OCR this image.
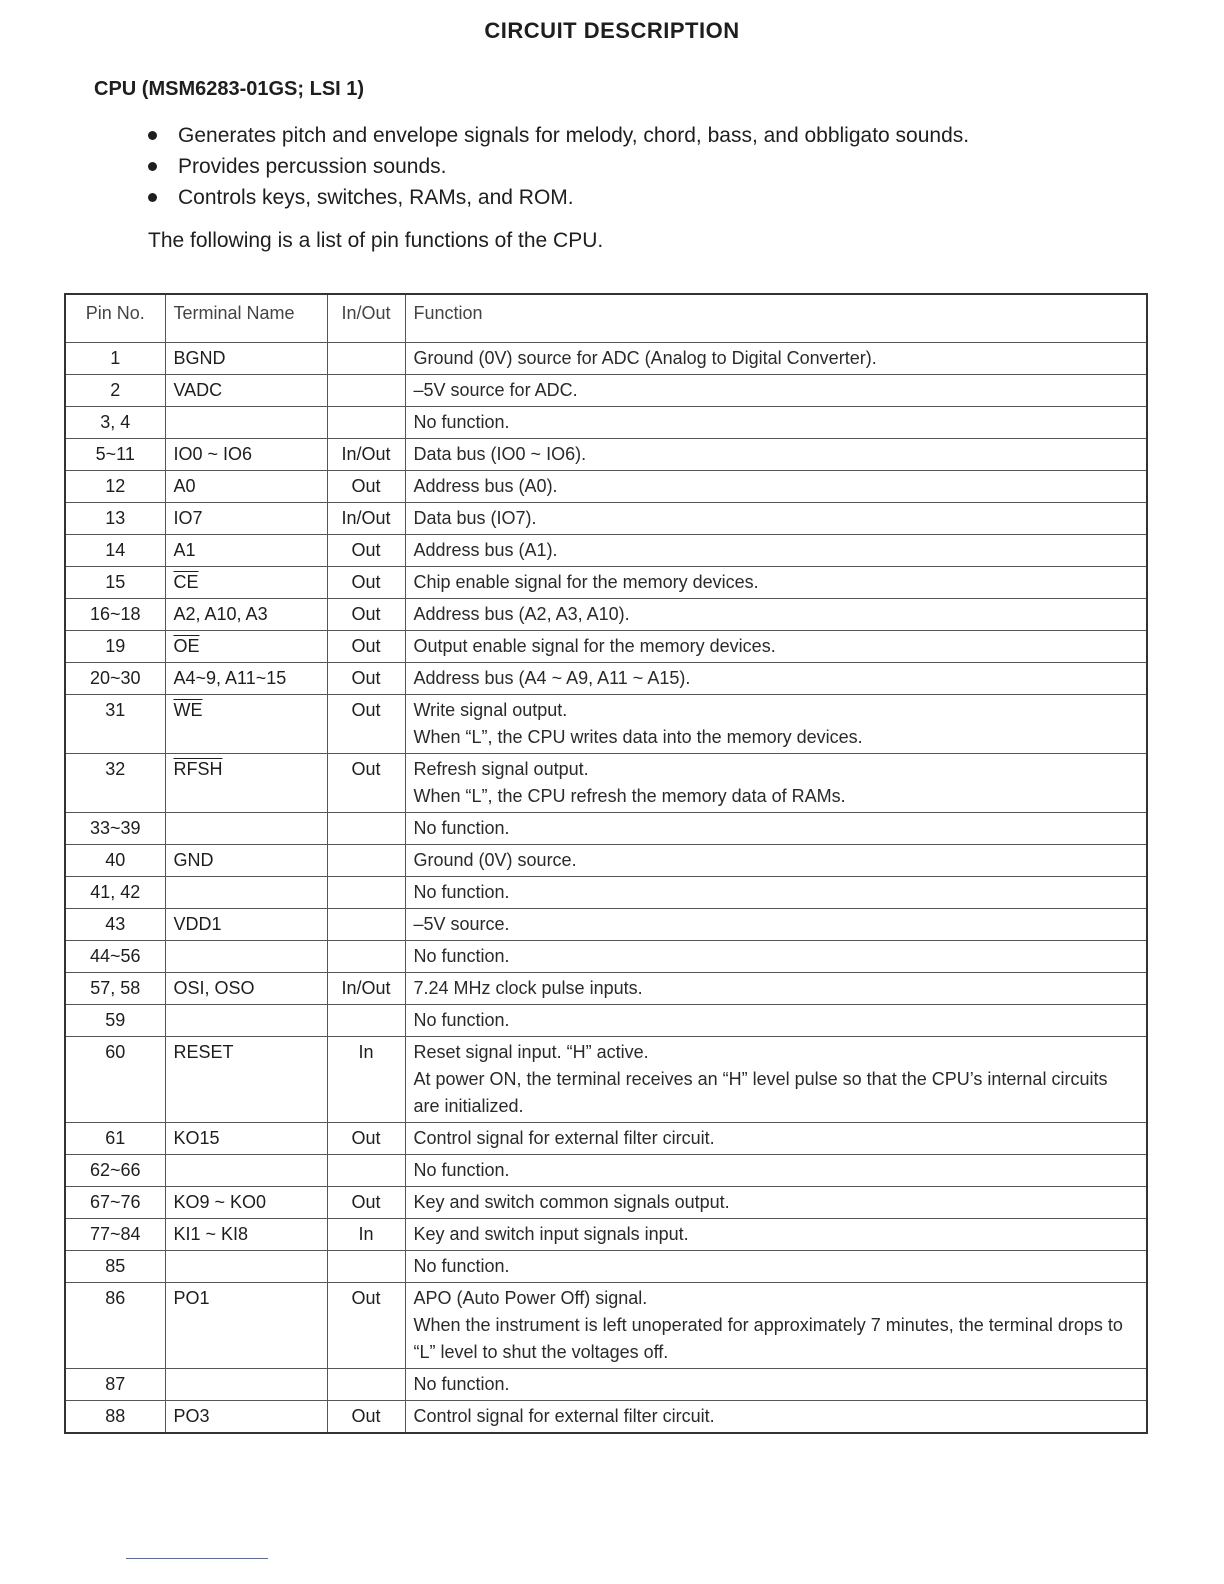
CIRCUIT DESCRIPTION
CPU (MSM6283-01GS; LSI 1)
Generates pitch and envelope signals for melody, chord, bass, and obbligato sounds.
Provides percussion sounds.
Controls keys, switches, RAMs, and ROM.
The following is a list of pin functions of the CPU.
Pin No.	Terminal Name	In/Out	Function
1	BGND		Ground (0V) source for ADC (Analog to Digital Converter).

2	VADC		–5V source for ADC.

3, 4			No function.

5~11	IO0 ~ IO6	In/Out	Data bus (IO0 ~ IO6).

12	A0	Out	Address bus (A0).

13	IO7	In/Out	Data bus (IO7).

14	A1	Out	Address bus (A1).

15	$\overline{CE}$	Out	Chip enable signal for the memory devices.

16~18	A2, A10, A3	Out	Address bus (A2, A3, A10).

19	$\overline{OE}$	Out	Output enable signal for the memory devices.

20~30	A4~9, A11~15	Out	Address bus (A4 ~ A9, A11 ~ A15).

31	$\overline{WE}$	Out	Write signal output.
When “L”, the CPU writes data into the memory devices.

32	RFSH	Out	Refresh signal output.
When “L”, the CPU refresh the memory data of RAMs.

33~39			No function.

40	GND		Ground (0V) source.

41, 42			No function.

43	VDD1		–5V source.

44~56			No function.

57, 58	OSI, OSO	In/Out	7.24 MHz clock pulse inputs.

59			No function.

60	RESET	In	Reset signal input. “H” active.
At power ON, the terminal receives an “H” level pulse so that the CPU’s internal circuits are initialized.

61	KO15	Out	Control signal for external filter circuit.

62~66			No function.

67~76	KO9 ~ KO0	Out	Key and switch common signals output.

77~84	KI1 ~ KI8	In	Key and switch input signals input.

85			No function.

86	PO1	Out	APO (Auto Power Off) signal.
When the instrument is left unoperated for approximately 7 minutes, the terminal drops to “L” level to shut the voltages off.

87			No function.

88	PO3	Out	Control signal for external filter circuit.
